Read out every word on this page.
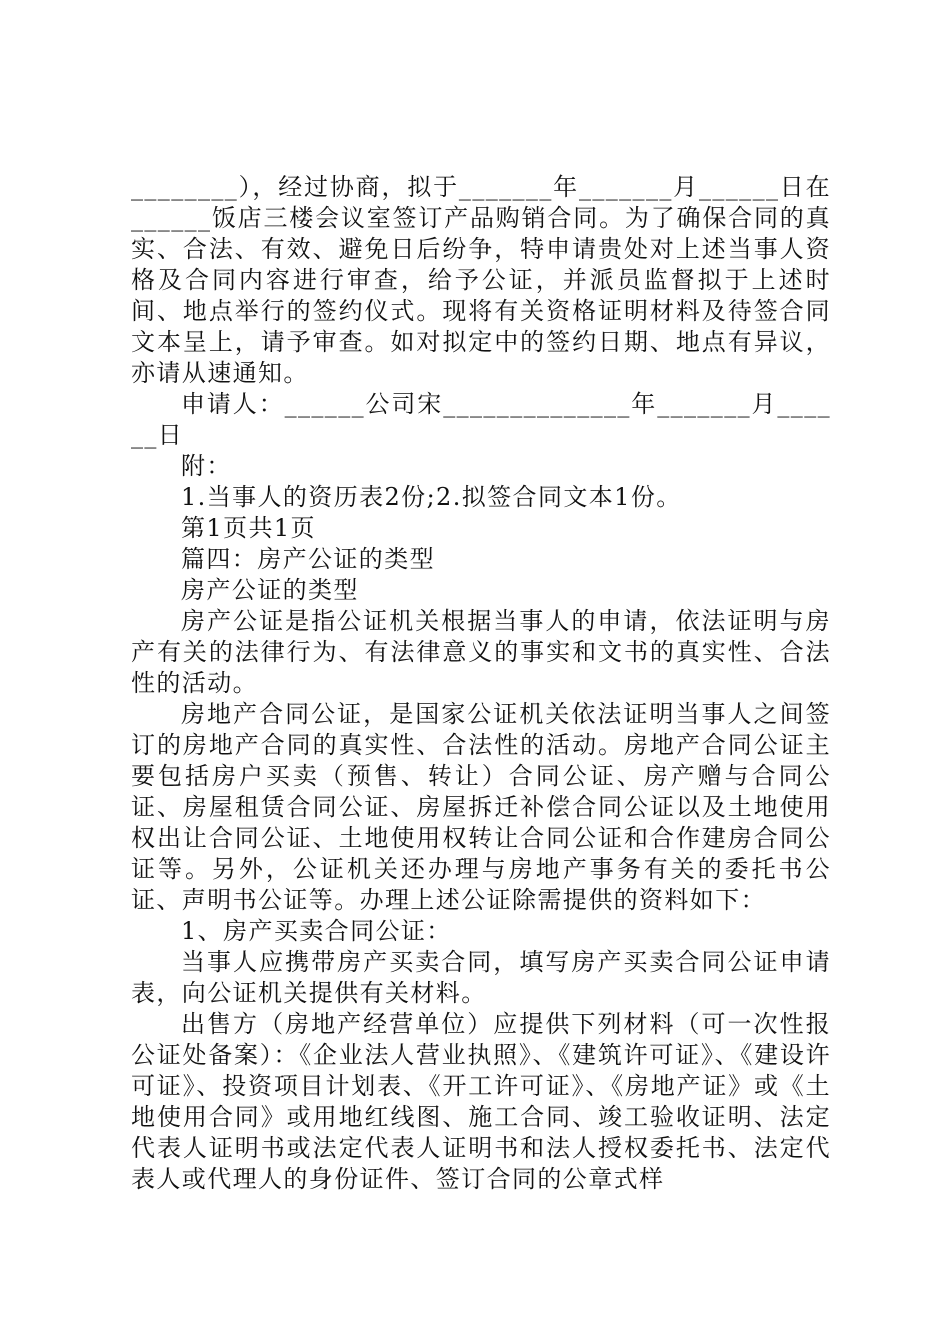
________），经过协商，拟于_______年_______月______日在______饭店三楼会议室签订产品购销合同。为了确保合同的真实、合法、有效、避免日后纷争，特申请贵处对上述当事人资格及合同内容进行审查，给予公证，并派员监督拟于上述时间、地点举行的签约仪式。现将有关资格证明材料及待签合同文本呈上，请予审查。如对拟定中的签约日期、地点有异议，亦请从速通知。

申请人：______公司宋______________年_______月______日

附：

1.当事人的资历表2份;2.拟签合同文本1份。

第1页共1页

篇四：房产公证的类型

房产公证的类型

房产公证是指公证机关根据当事人的申请，依法证明与房产有关的法律行为、有法律意义的事实和文书的真实性、合法性的活动。

房地产合同公证，是国家公证机关依法证明当事人之间签订的房地产合同的真实性、合法性的活动。房地产合同公证主要包括房户买卖（预售、转让）合同公证、房产赠与合同公证、房屋租赁合同公证、房屋拆迁补偿合同公证以及土地使用权出让合同公证、土地使用权转让合同公证和合作建房合同公证等。另外，公证机关还办理与房地产事务有关的委托书公证、声明书公证等。办理上述公证除需提供的资料如下：

1、房产买卖合同公证：

当事人应携带房产买卖合同，填写房产买卖合同公证申请表，向公证机关提供有关材料。

出售方（房地产经营单位）应提供下列材料（可一次性报公证处备案）：《企业法人营业执照》、《建筑许可证》、《建设许可证》、投资项目计划表、《开工许可证》、《房地产证》或《土地使用合同》或用地红线图、施工合同、竣工验收证明、法定代表人证明书或法定代表人证明书和法人授权委托书、法定代表人或代理人的身份证件、签订合同的公章式样
